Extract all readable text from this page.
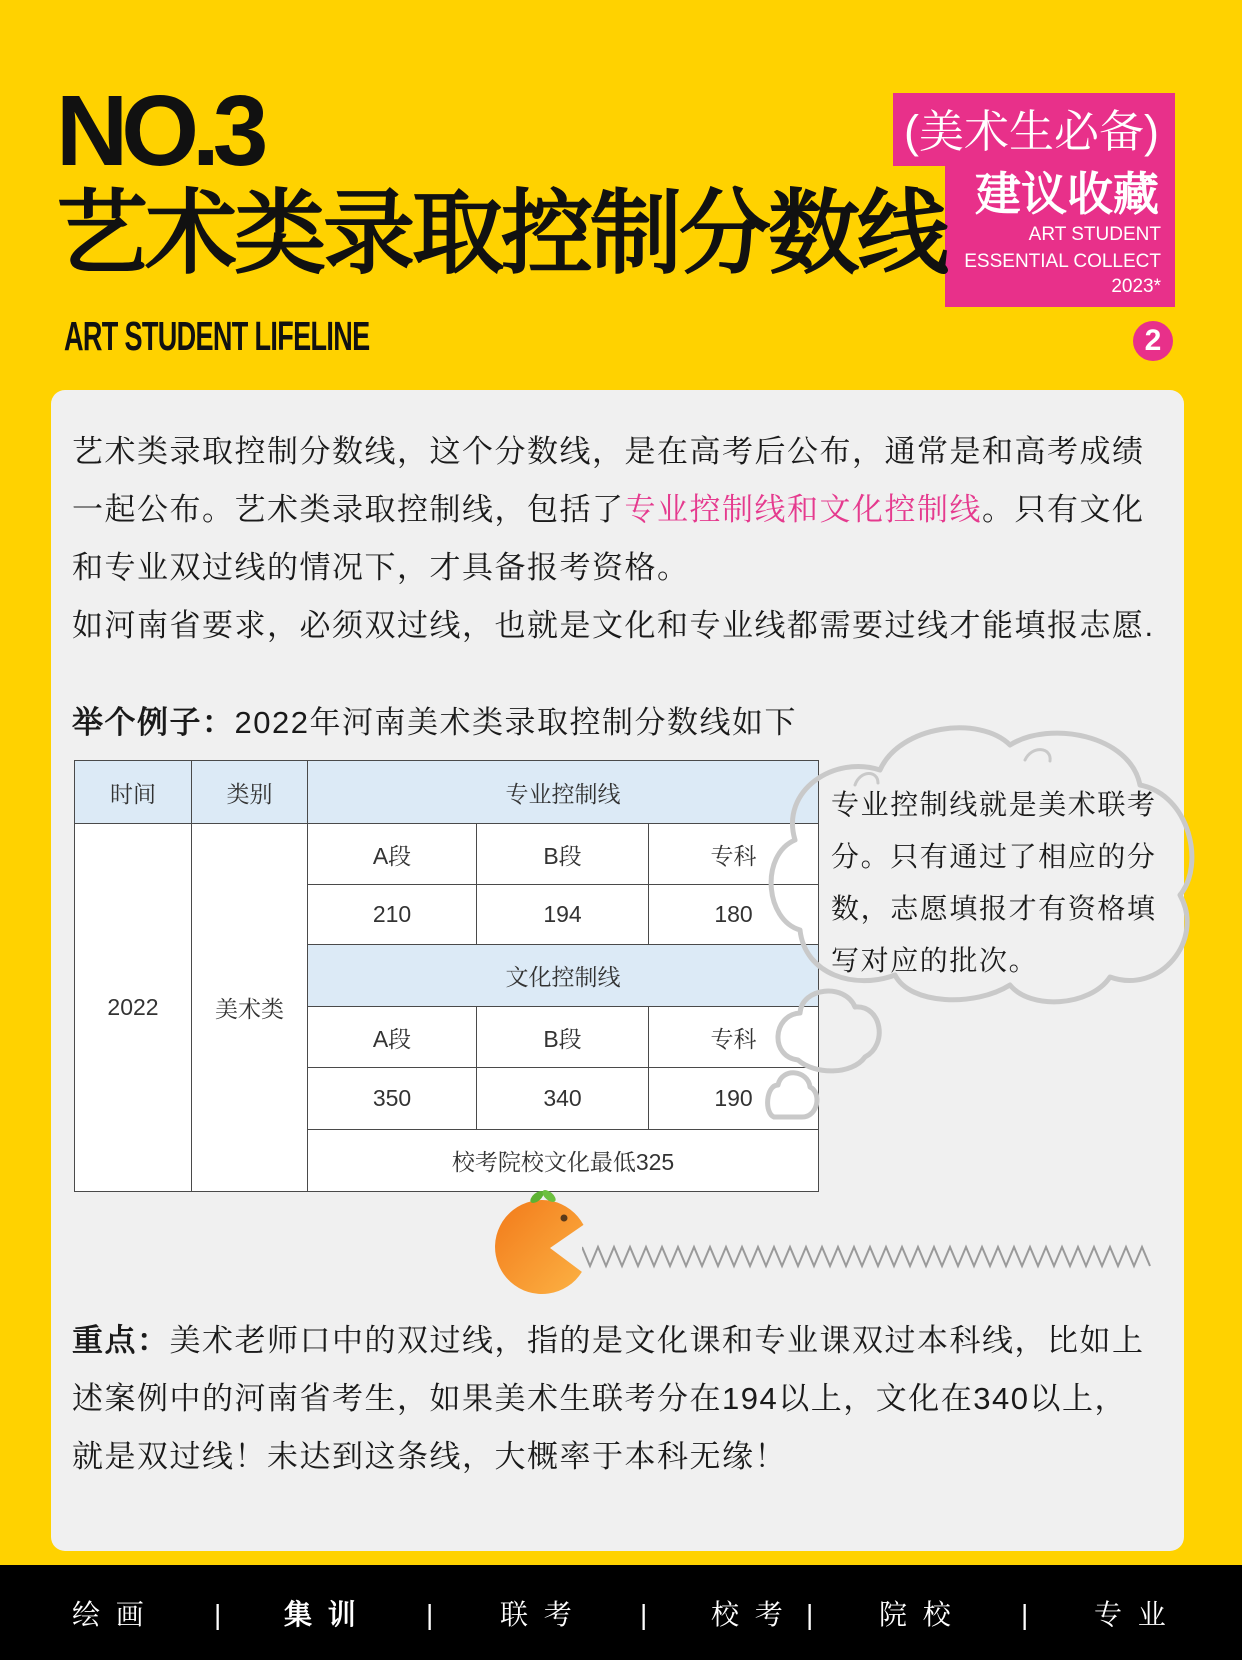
NO.3
艺术类录取控制分数线
ART STUDENT LIFELINE
(美术生必备)
建议收藏
ART STUDENT
ESSENTIAL COLLECT
2023*
2
艺术类录取控制分数线，这个分数线，是在高考后公布，通常是和高考成绩
一起公布。艺术类录取控制线，包括了专业控制线和文化控制线。只有文化
和专业双过线的情况下，才具备报考资格。
如河南省要求，必须双过线，也就是文化和专业线都需要过线才能填报志愿.
举个例子：2022年河南美术类录取控制分数线如下
时间	类别	专业控制线		
2022	美术类	A段	B段	专科
		210	194	180
		文化控制线		
		A段	B段	专科
		350	340	190
		校考院校文化最低325		
专业控制线就是美术联考
分。只有通过了相应的分
数，志愿填报才有资格填
写对应的批次。
重点：美术老师口中的双过线，指的是文化课和专业课双过本科线，比如上
述案例中的河南省考生，如果美术生联考分在194以上，文化在340以上，
就是双过线！未达到这条线，大概率于本科无缘！
绘 画 | 集 训 | 联 考 | 校 考 | 院 校 | 专 业
